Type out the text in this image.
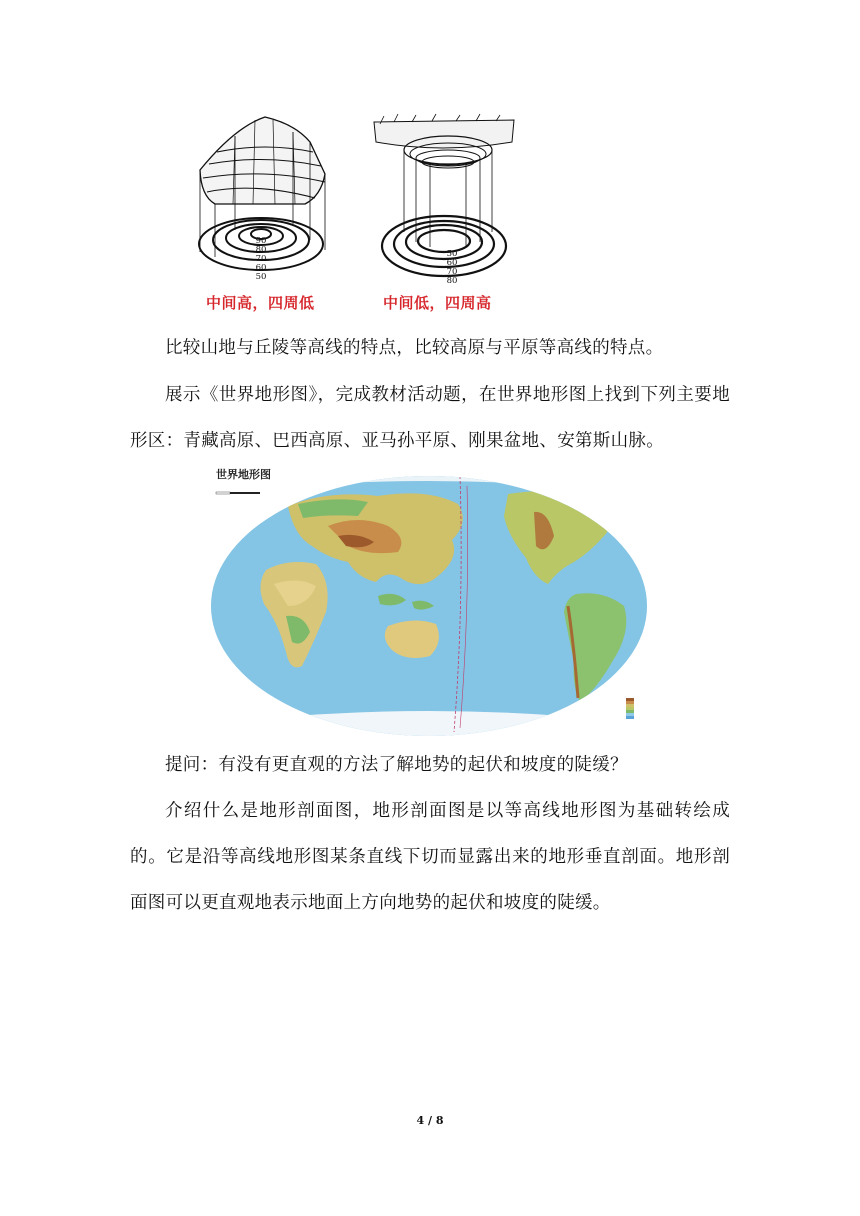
90
80
70
60
50
中间高，四周低
50
60
70
80
中间低，四周高

比较山地与丘陵等高线的特点，比较高原与平原等高线的特点。

展示《世界地形图》，完成教材活动题，在世界地形图上找到下列主要地形区：青藏高原、巴西高原、亚马孙平原、刚果盆地、安第斯山脉。

世界地形图

提问：有没有更直观的方法了解地势的起伏和坡度的陡缓？

介绍什么是地形剖面图，地形剖面图是以等高线地形图为基础转绘成的。它是沿等高线地形图某条直线下切而显露出来的地形垂直剖面。地形剖面图可以更直观地表示地面上方向地势的起伏和坡度的陡缓。

4 / 8
